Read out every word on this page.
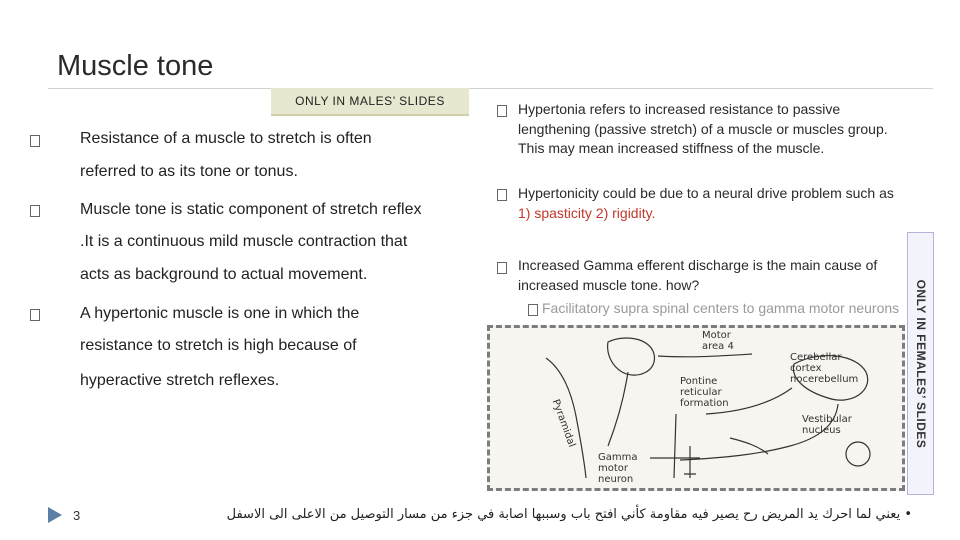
Muscle tone
ONLY IN MALES’ SLIDES
Resistance of a muscle to stretch is often
referred to as its tone or tonus.
Muscle tone is static component of stretch reflex
.It is a continuous mild muscle contraction that
acts as background to actual movement.
A hypertonic muscle is one in which the
resistance to stretch is high because of
hyperactive stretch reflexes.
Hypertonia refers to increased resistance to passive lengthening (passive stretch) of a muscle or muscles group. This may mean increased stiffness of the muscle.
Hypertonicity could be due to a neural drive problem such as 1) spasticity 2) rigidity.
Increased Gamma efferent discharge is the main cause of increased muscle tone. how?
Facilitatory supra spinal centers to gamma motor neurons
Motor
area 4
Cerebellar
cortex
nocerebellum
Pontine
reticular
formation
Vestibular
nucleus
Gamma
motor
neuron
Pyramidal	ONLY IN FEMALES’ SLIDES
3	• يعني لما احرك يد المريض رح يصير فيه مقاومة كأني افتح باب وسببها اصابة في جزء من مسار التوصيل من الاعلى الى الاسفل
